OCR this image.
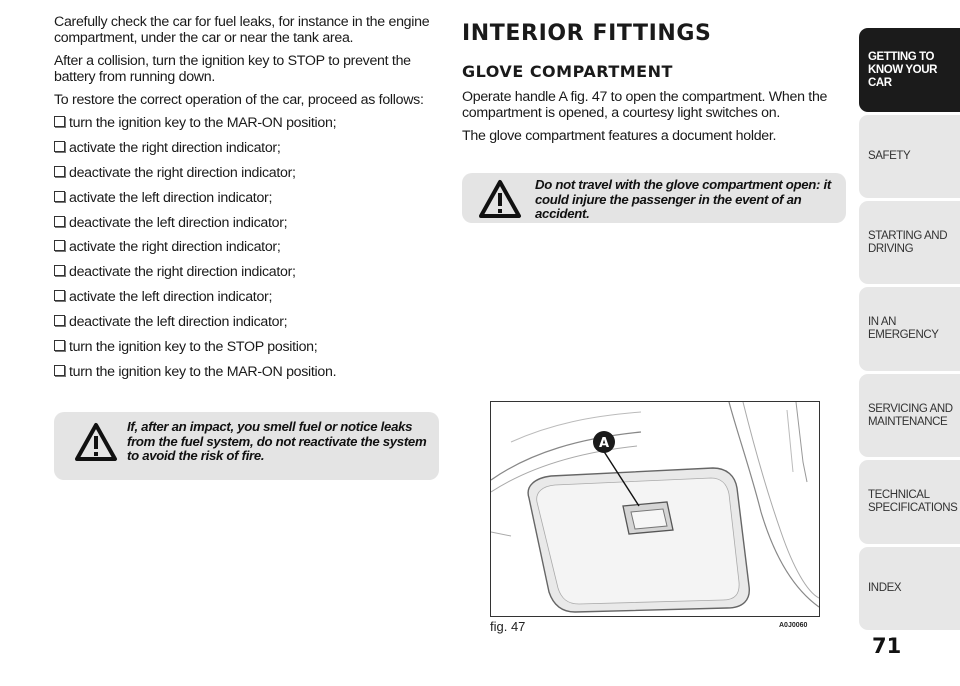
Carefully check the car for fuel leaks, for instance in the engine compartment, under the car or near the tank area.

After a collision, turn the ignition key to STOP to prevent the battery from running down.

To restore the correct operation of the car, proceed as follows:

turn the ignition key to the MAR-ON position;
activate the right direction indicator;
deactivate the right direction indicator;
activate the left direction indicator;
deactivate the left direction indicator;
activate the right direction indicator;
deactivate the right direction indicator;
activate the left direction indicator;
deactivate the left direction indicator;
turn the ignition key to the STOP position;
turn the ignition key to the MAR-ON position.
If, after an impact, you smell fuel or notice leaks from the fuel system, do not reactivate the system to avoid the risk of fire.
INTERIOR FITTINGS
GLOVE COMPARTMENT

Operate handle A fig. 47 to open the compartment. When the compartment is opened, a courtesy light switches on.

The glove compartment features a document holder.

Do not travel with the glove compartment open: it could injure the passenger in the event of an accident.
A
fig. 47	A0J0060
GETTING TO
KNOW YOUR CAR
SAFETY
STARTING AND
DRIVING
IN AN EMERGENCY
SERVICING AND
MAINTENANCE
TECHNICAL
SPECIFICATIONS
INDEX
71
